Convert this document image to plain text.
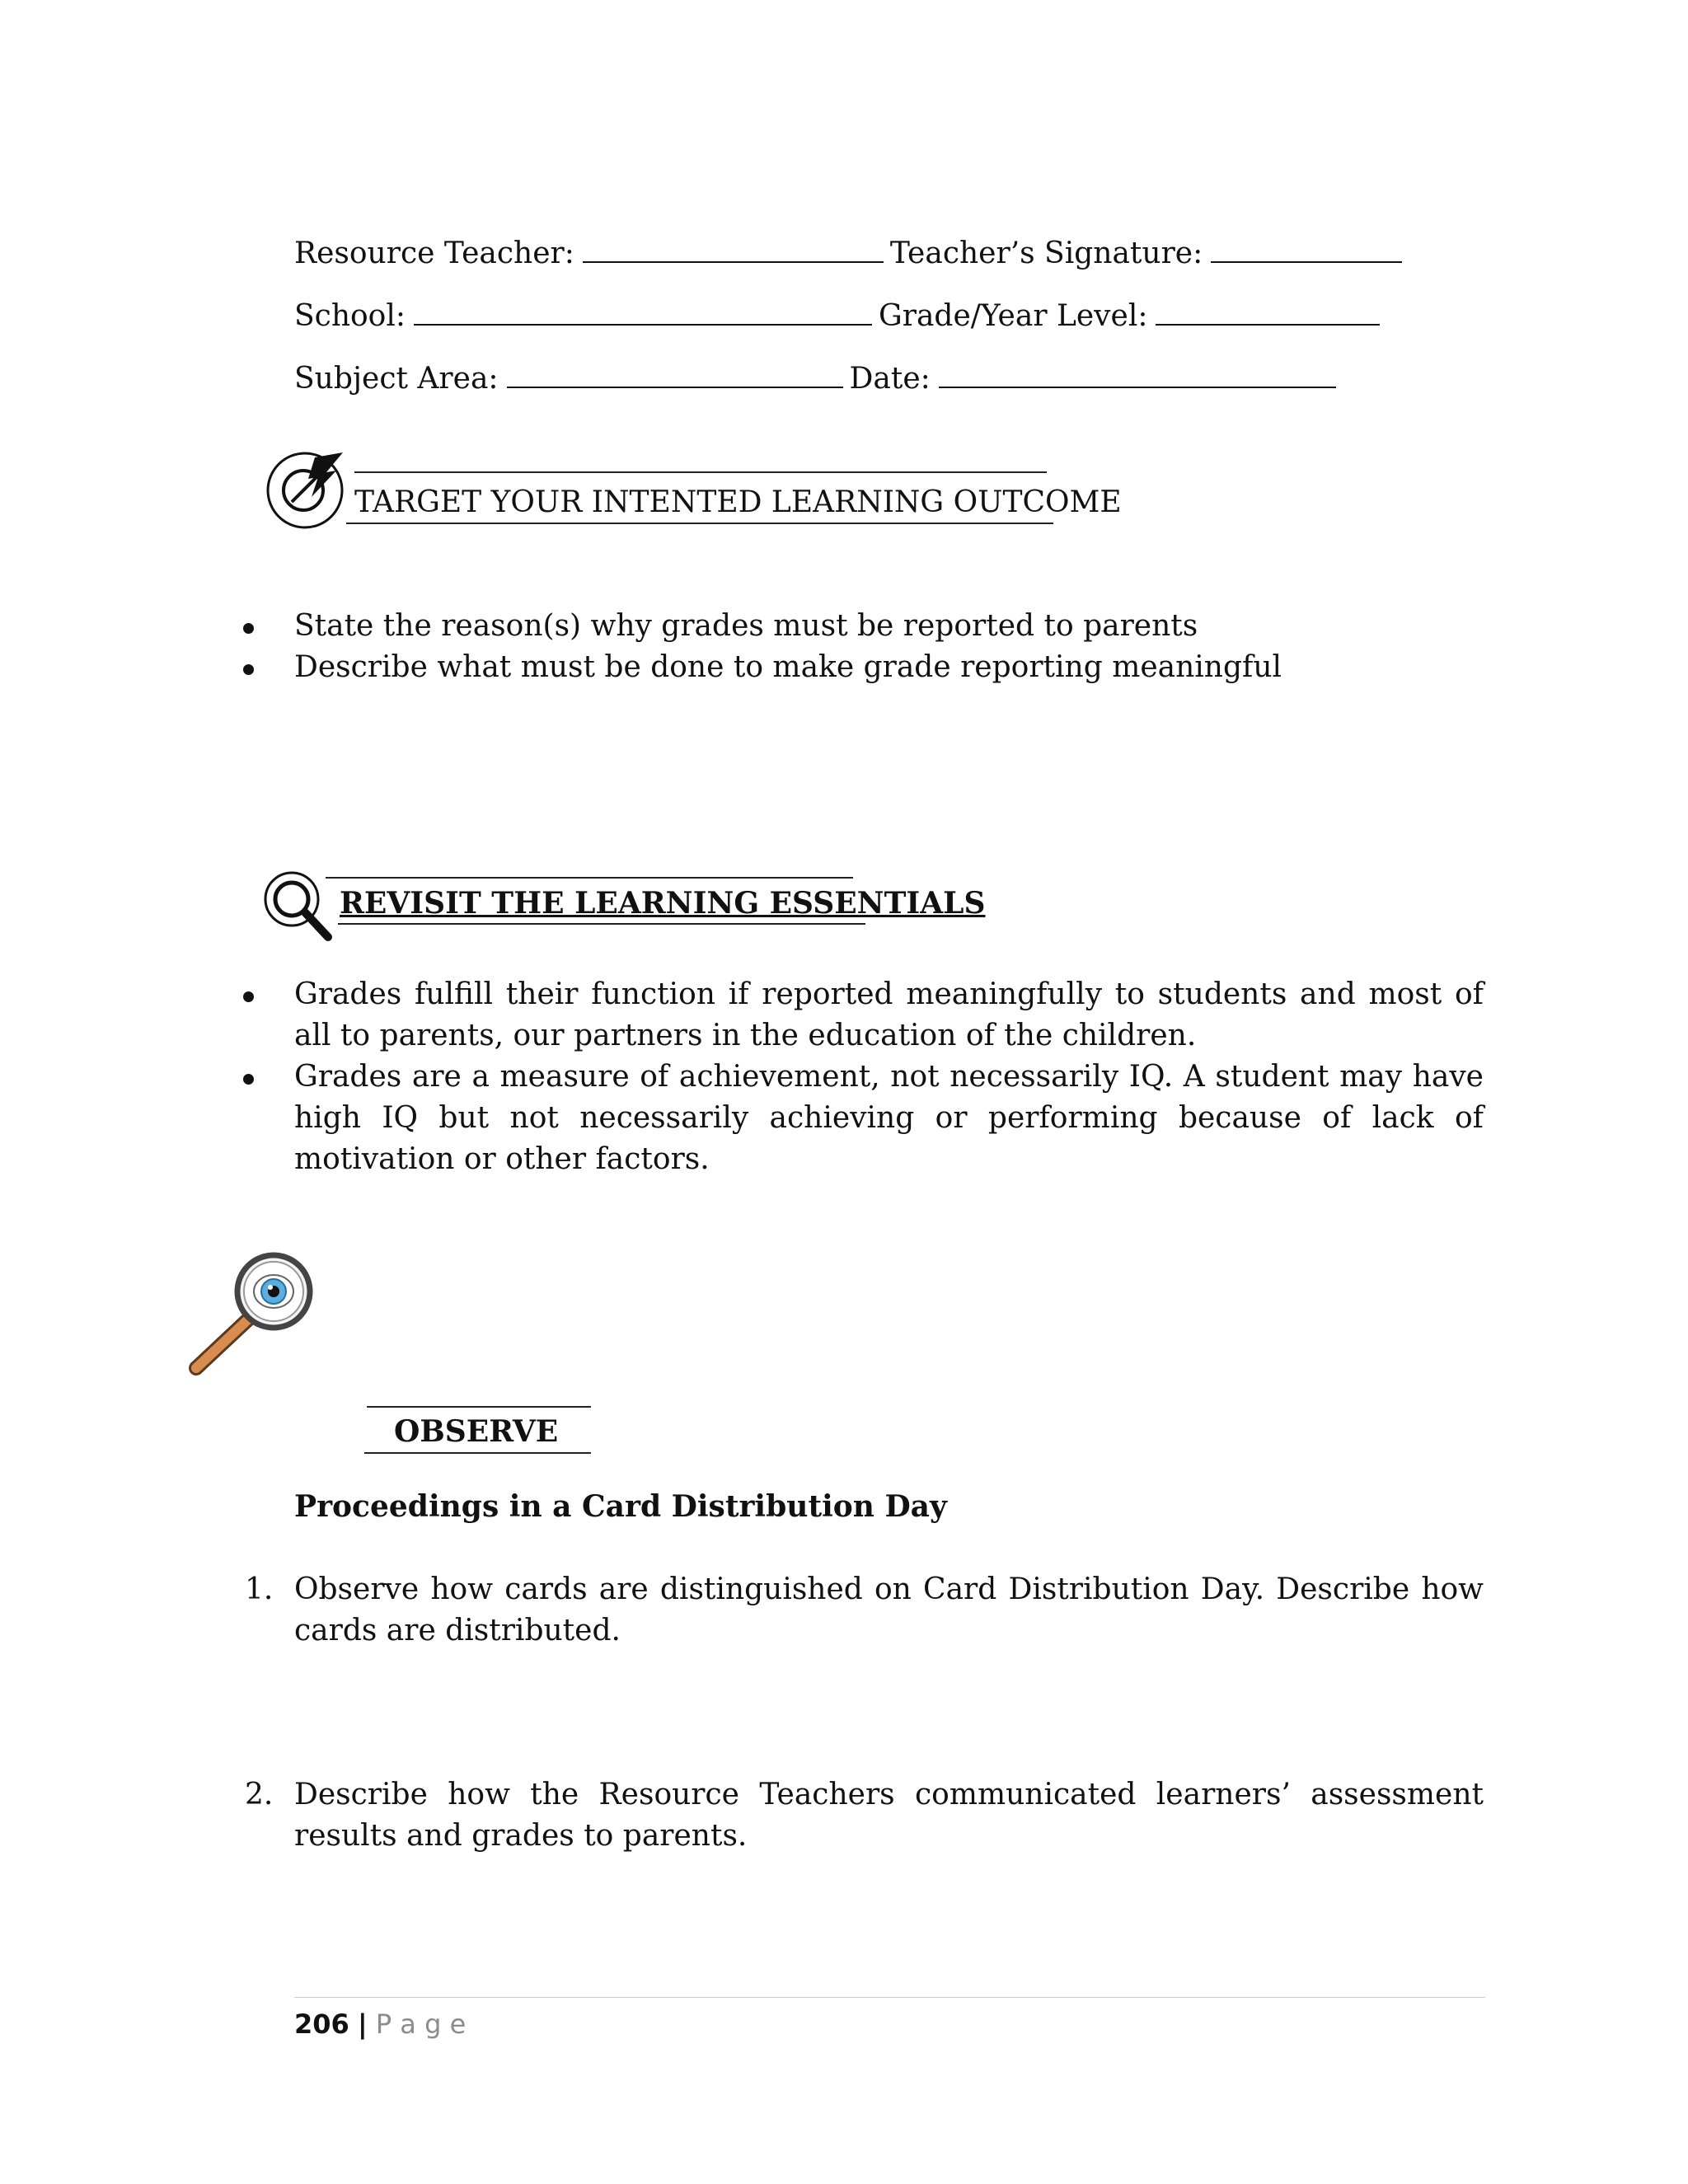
Resource Teacher:	Teacher’s Signature:
School:	Grade/Year Level:
Subject Area:	Date:
TARGET YOUR INTENTED LEARNING OUTCOME
State the reason(s) why grades must be reported to parents
Describe what must be done to make grade reporting meaningful
REVISIT THE LEARNING ESSENTIALS
Grades fulfill their function if reported meaningfully to students and most of all to parents, our partners in the education of the children.
Grades are a measure of achievement, not necessarily IQ. A student may have high IQ but not necessarily achieving or performing because of lack of motivation or other factors.
OBSERVE
Proceedings in a Card Distribution Day
1. Observe how cards are distinguished on Card Distribution Day. Describe how cards are distributed.
2. Describe how the Resource Teachers communicated learners’ assessment results and grades to parents.
206 | P a g e
